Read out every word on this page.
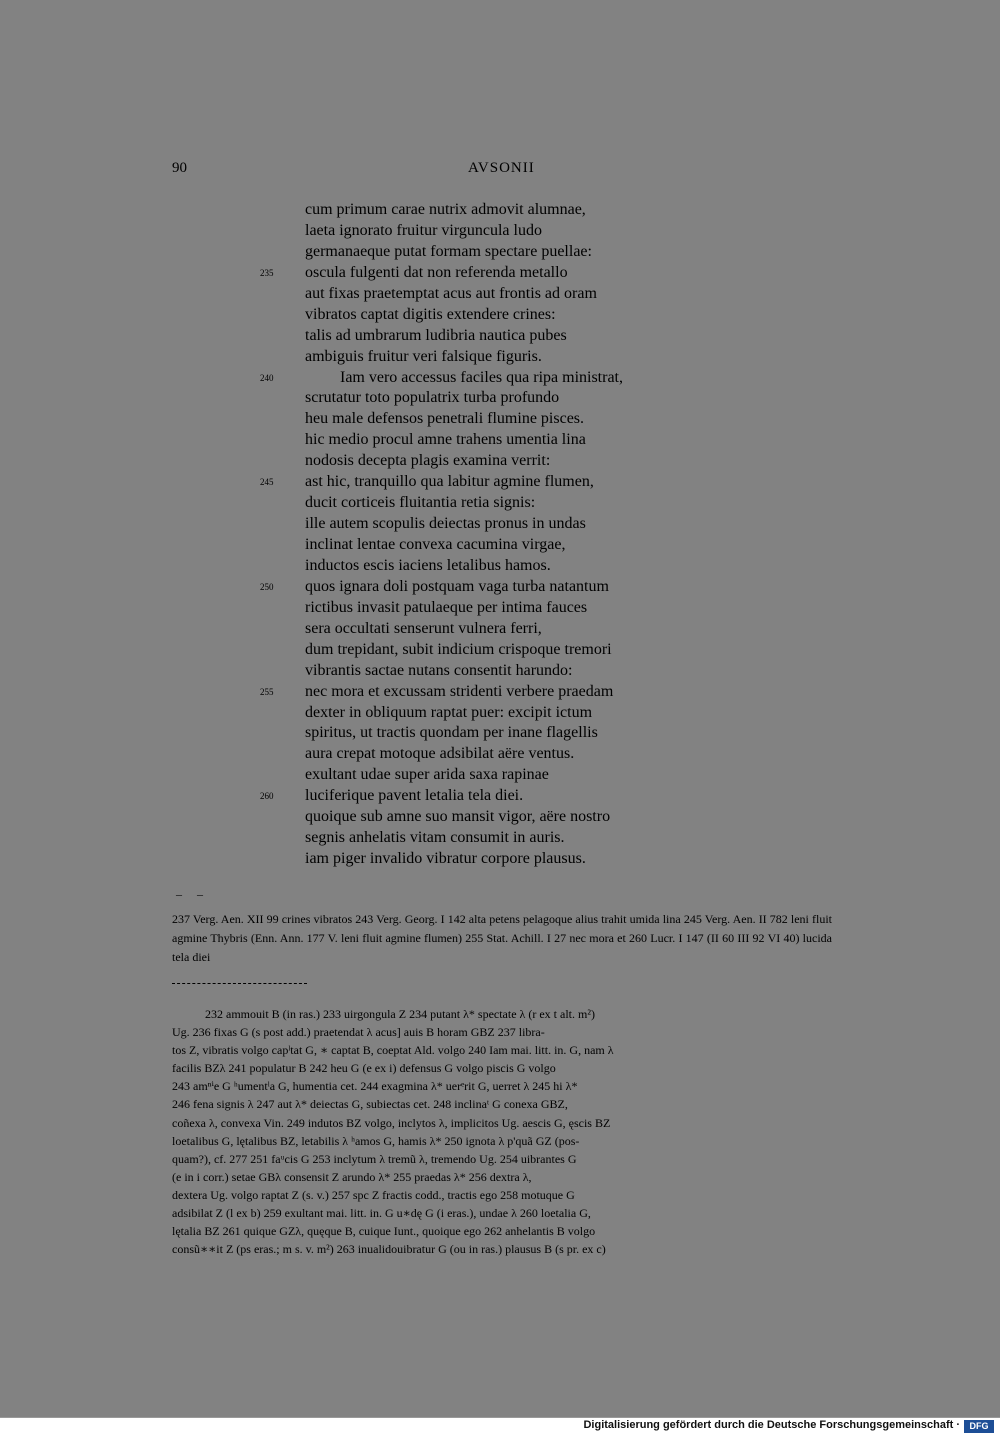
90	AVSONII
cum primum carae nutrix admovit alumnae,
laeta ignorato fruitur virguncula ludo
germanaeque putat formam spectare puellae:
235	oscula fulgenti dat non referenda metallo
aut fixas praetemptat acus aut frontis ad oram
vibratos captat digitis extendere crines:
talis ad umbrarum ludibria nautica pubes
ambiguis fruitur veri falsique figuris.
240	Iam vero accessus faciles qua ripa ministrat,
scrutatur toto populatrix turba profundo
heu male defensos penetrali flumine pisces.
hic medio procul amne trahens umentia lina
nodosis decepta plagis examina verrit:
245	ast hic, tranquillo qua labitur agmine flumen,
ducit corticeis fluitantia retia signis:
ille autem scopulis deiectas pronus in undas
inclinat lentae convexa cacumina virgae,
inductos escis iaciens letalibus hamos.
250	quos ignara doli postquam vaga turba natantum
rictibus invasit patulaeque per intima fauces
sera occultati senserunt vulnera ferri,
dum trepidant, subit indicium crispoque tremori
vibrantis sactae nutans consentit harundo:
255	nec mora et excussam stridenti verbere praedam
dexter in obliquum raptat puer: excipit ictum
spiritus, ut tractis quondam per inane flagellis
aura crepat motoque adsibilat aëre ventus.
exultant udae super arida saxa rapinae
260	luciferique pavent letalia tela diei.
quoique sub amne suo mansit vigor, aëre nostro
segnis anhelatis vitam consumit in auris.
iam piger invalido vibratur corpore plausus.
– –
237 Verg. Aen. XII 99 crines vibratos 243 Verg. Georg. I 142 alta petens pelagoque alius trahit umida lina 245 Verg. Aen. II 782 leni fluit agmine Thybris (Enn. Ann. 177 V. leni fluit agmine flumen) 255 Stat. Achill. I 27 nec mora et 260 Lucr. I 147 (II 60 III 92 VI 40) lucida tela diei
232 ammouit B (in ras.) 233 uirgongula Z 234 putant λ* spectate λ (r ex t alt. m²)
Ug. 236 fixas G (s post add.) praetendat λ acus] auis B horam GBZ 237 libra-
tos Z, vibratis volgo capˡtat G, ∗ captat B, coeptat Ald. volgo 240 Iam mai. litt. in. G, nam λ
facilis BZλ 241 populatur B 242 heu G (e ex i) defensus G volgo piscis G volgo
243 amⁿⁱe G ʰumentˡa G, humentia cet. 244 exagmina λ* uerᵉrit G, uerret λ 245 hi λ*
246 fena signis λ 247 aut λ* deiectas G, subiectas cet. 248 inclinaᵗ G conexa GBZ,
coñexa λ, convexa Vin. 249 indutos BZ volgo, inclytos λ, implicitos Ug. aescis G, ęscis BZ
loetalibus G, lętalibus BZ, letabilis λ ʰamos G, hamis λ* 250 ignota λ p'quã GZ (pos-
quam?), cf. 277 251 faᵘcis G 253 inclytum λ tremũ λ, tremendo Ug. 254 uibrantes G
(e in i corr.) setae GBλ consensit Z arundo λ* 255 praedas λ* 256 dextra λ,
dextera Ug. volgo raptat Z (s. v.) 257 spc Z fractis codd., tractis ego 258 motuque G
adsibilat Z (l ex b) 259 exultant mai. litt. in. G u∗dę G (i eras.), undae λ 260 loetalia G,
lętalia BZ 261 quique GZλ, quęque B, cuique Iunt., quoique ego 262 anhelantis B volgo
consũ∗∗it Z (ps eras.; m s. v. m²) 263 inualidouibratur G (ou in ras.) plausus B (s pr. ex c)
Digitalisierung gefördert durch die Deutsche Forschungsgemeinschaft ·	DFG
